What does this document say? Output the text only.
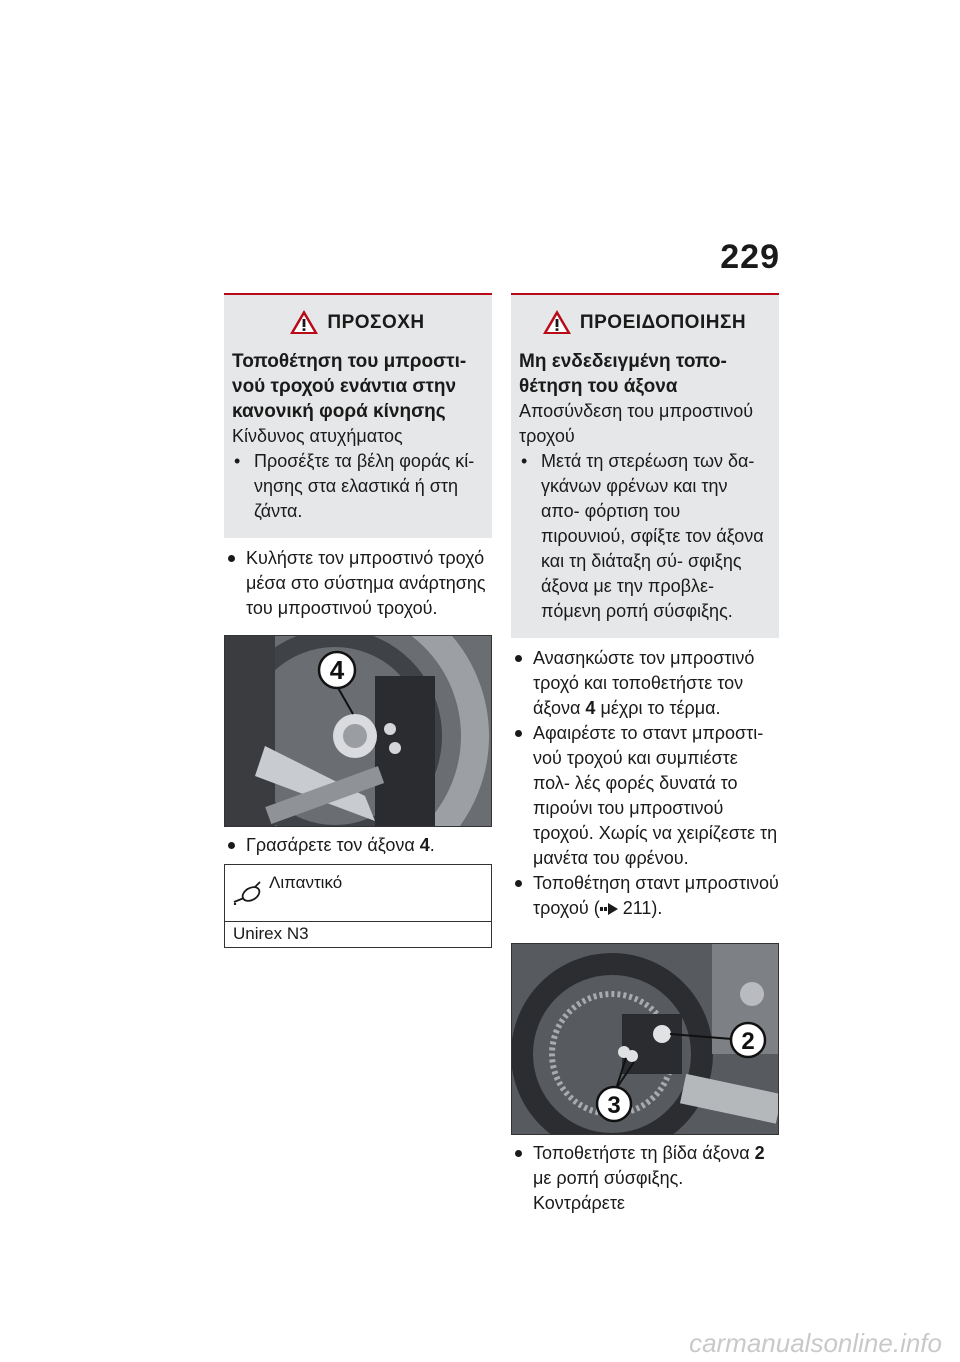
229
ΠΡΟΣΟΧΗ
Τοποθέτηση του μπροστι- νού τροχού ενάντια στην κανονική φορά κίνησης
Κίνδυνος ατυχήματος
• Προσέξτε τα βέλη φοράς κί- νησης στα ελαστικά ή στη ζάντα.
Κυλήστε τον μπροστινό τροχό μέσα στο σύστημα ανάρτησης του μπροστινού τροχού.
4
Γρασάρετε τον άξονα 4.
Λιπαντικό
Unirex N3
ΠΡΟΕΙΔΟΠΟΙΗΣΗ
Μη ενδεδειγμένη τοπο- θέτηση του άξονα
Αποσύνδεση του μπροστινού τροχού
• Μετά τη στερέωση των δα- γκάνων φρένων και την απο- φόρτιση του πιρουνιού, σφίξτε τον άξονα και τη διάταξη σύ- σφιξης άξονα με την προβλε- πόμενη ροπή σύσφιξης.
Ανασηκώστε τον μπροστινό τροχό και τοποθετήστε τον άξονα 4 μέχρι το τέρμα.
Αφαιρέστε το σταντ μπροστι- νού τροχού και συμπιέστε πολ- λές φορές δυνατά το πιρούνι του μπροστινού τροχού. Χωρίς να χειρίζεστε τη μανέτα του φρένου.
Τοποθέτηση σταντ μπροστινού τροχού ( 211).
2
3
Τοποθετήστε τη βίδα άξονα 2 με ροπή σύσφιξης. Κοντράρετε
carmanualsonline.info
